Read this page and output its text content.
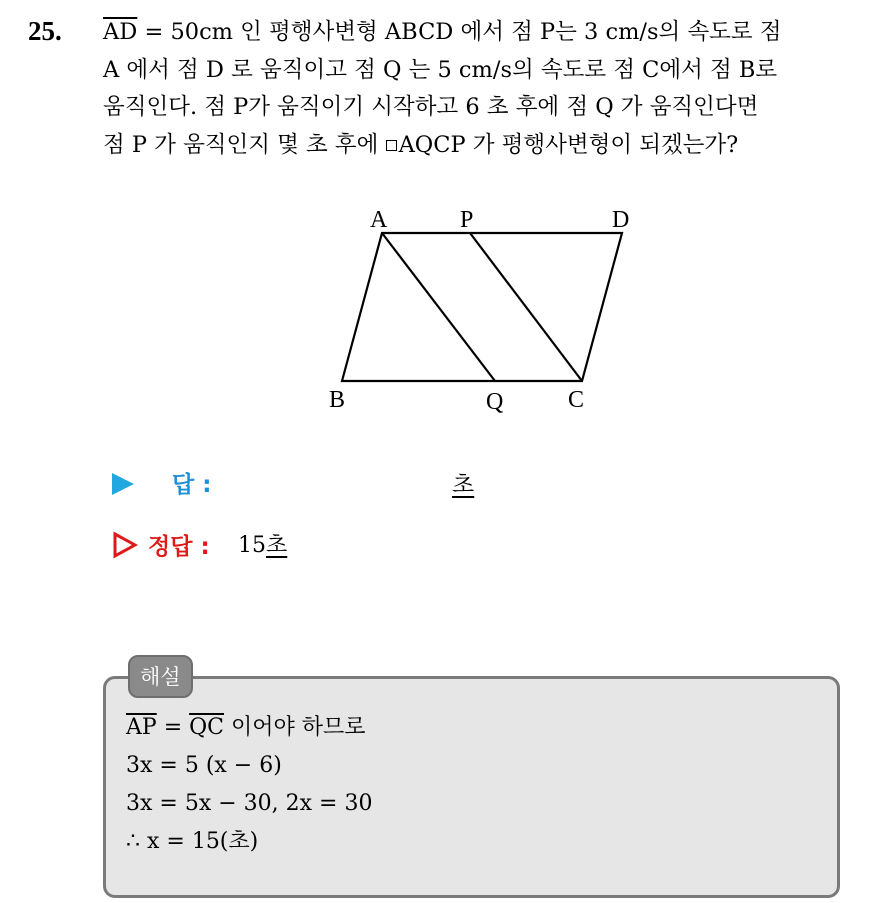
25. $\overline{AD} = 50cm$ 인 평행사변형 ABCD 에서 점 P는 3 cm/s의 속도로 점
A 에서 점 D 로 움직이고 점 Q 는 5 cm/s의 속도로 점 C에서 점 B로
움직인다. 점 P가 움직이기 시작하고 6 초 후에 점 Q 가 움직인다면
점 P 가 움직인지 몇 초 후에 AQCP 가 평행사변형이 되겠는가?
A	P	D
B	Q	C
답 :	초
정답 : 15초
해설
$\overline{AP} = \overline{QC}$ 이어야 하므로
3x = 5 (x − 6)
3x = 5x − 30, 2x = 30
∴ x = 15(초)
